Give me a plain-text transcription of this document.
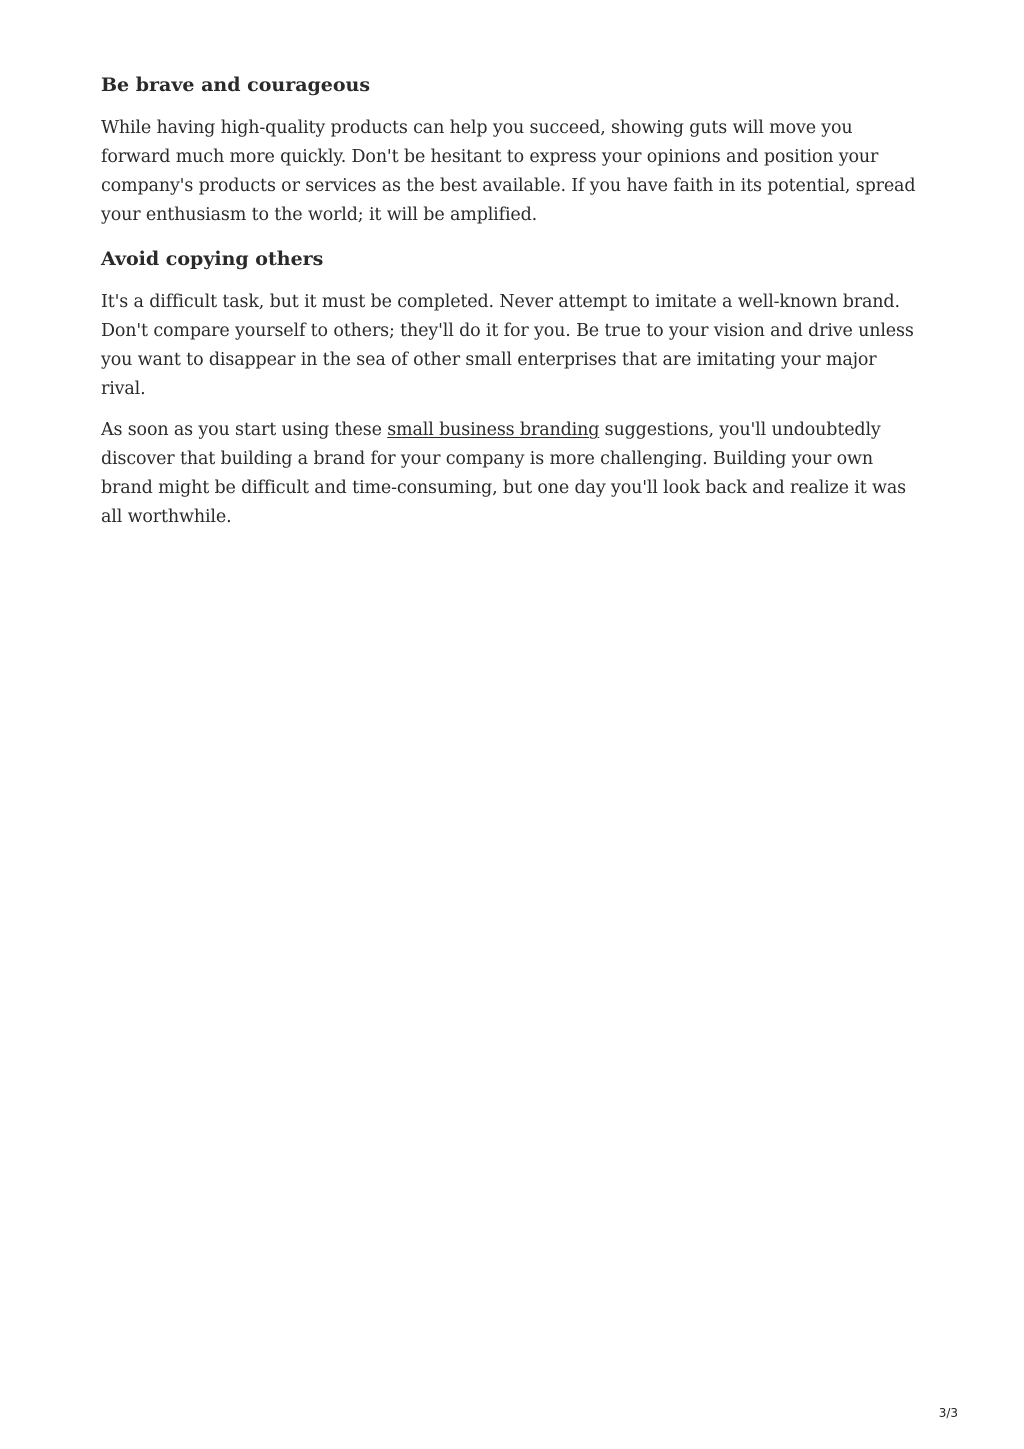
Be brave and courageous

While having high-quality products can help you succeed, showing guts will move you forward much more quickly. Don't be hesitant to express your opinions and position your company's products or services as the best available. If you have faith in its potential, spread your enthusiasm to the world; it will be amplified.

Avoid copying others

It's a difficult task, but it must be completed. Never attempt to imitate a well-known brand. Don't compare yourself to others; they'll do it for you. Be true to your vision and drive unless you want to disappear in the sea of other small enterprises that are imitating your major rival.

As soon as you start using these small business branding suggestions, you'll undoubtedly discover that building a brand for your company is more challenging. Building your own brand might be difficult and time-consuming, but one day you'll look back and realize it was all worthwhile.

3/3
